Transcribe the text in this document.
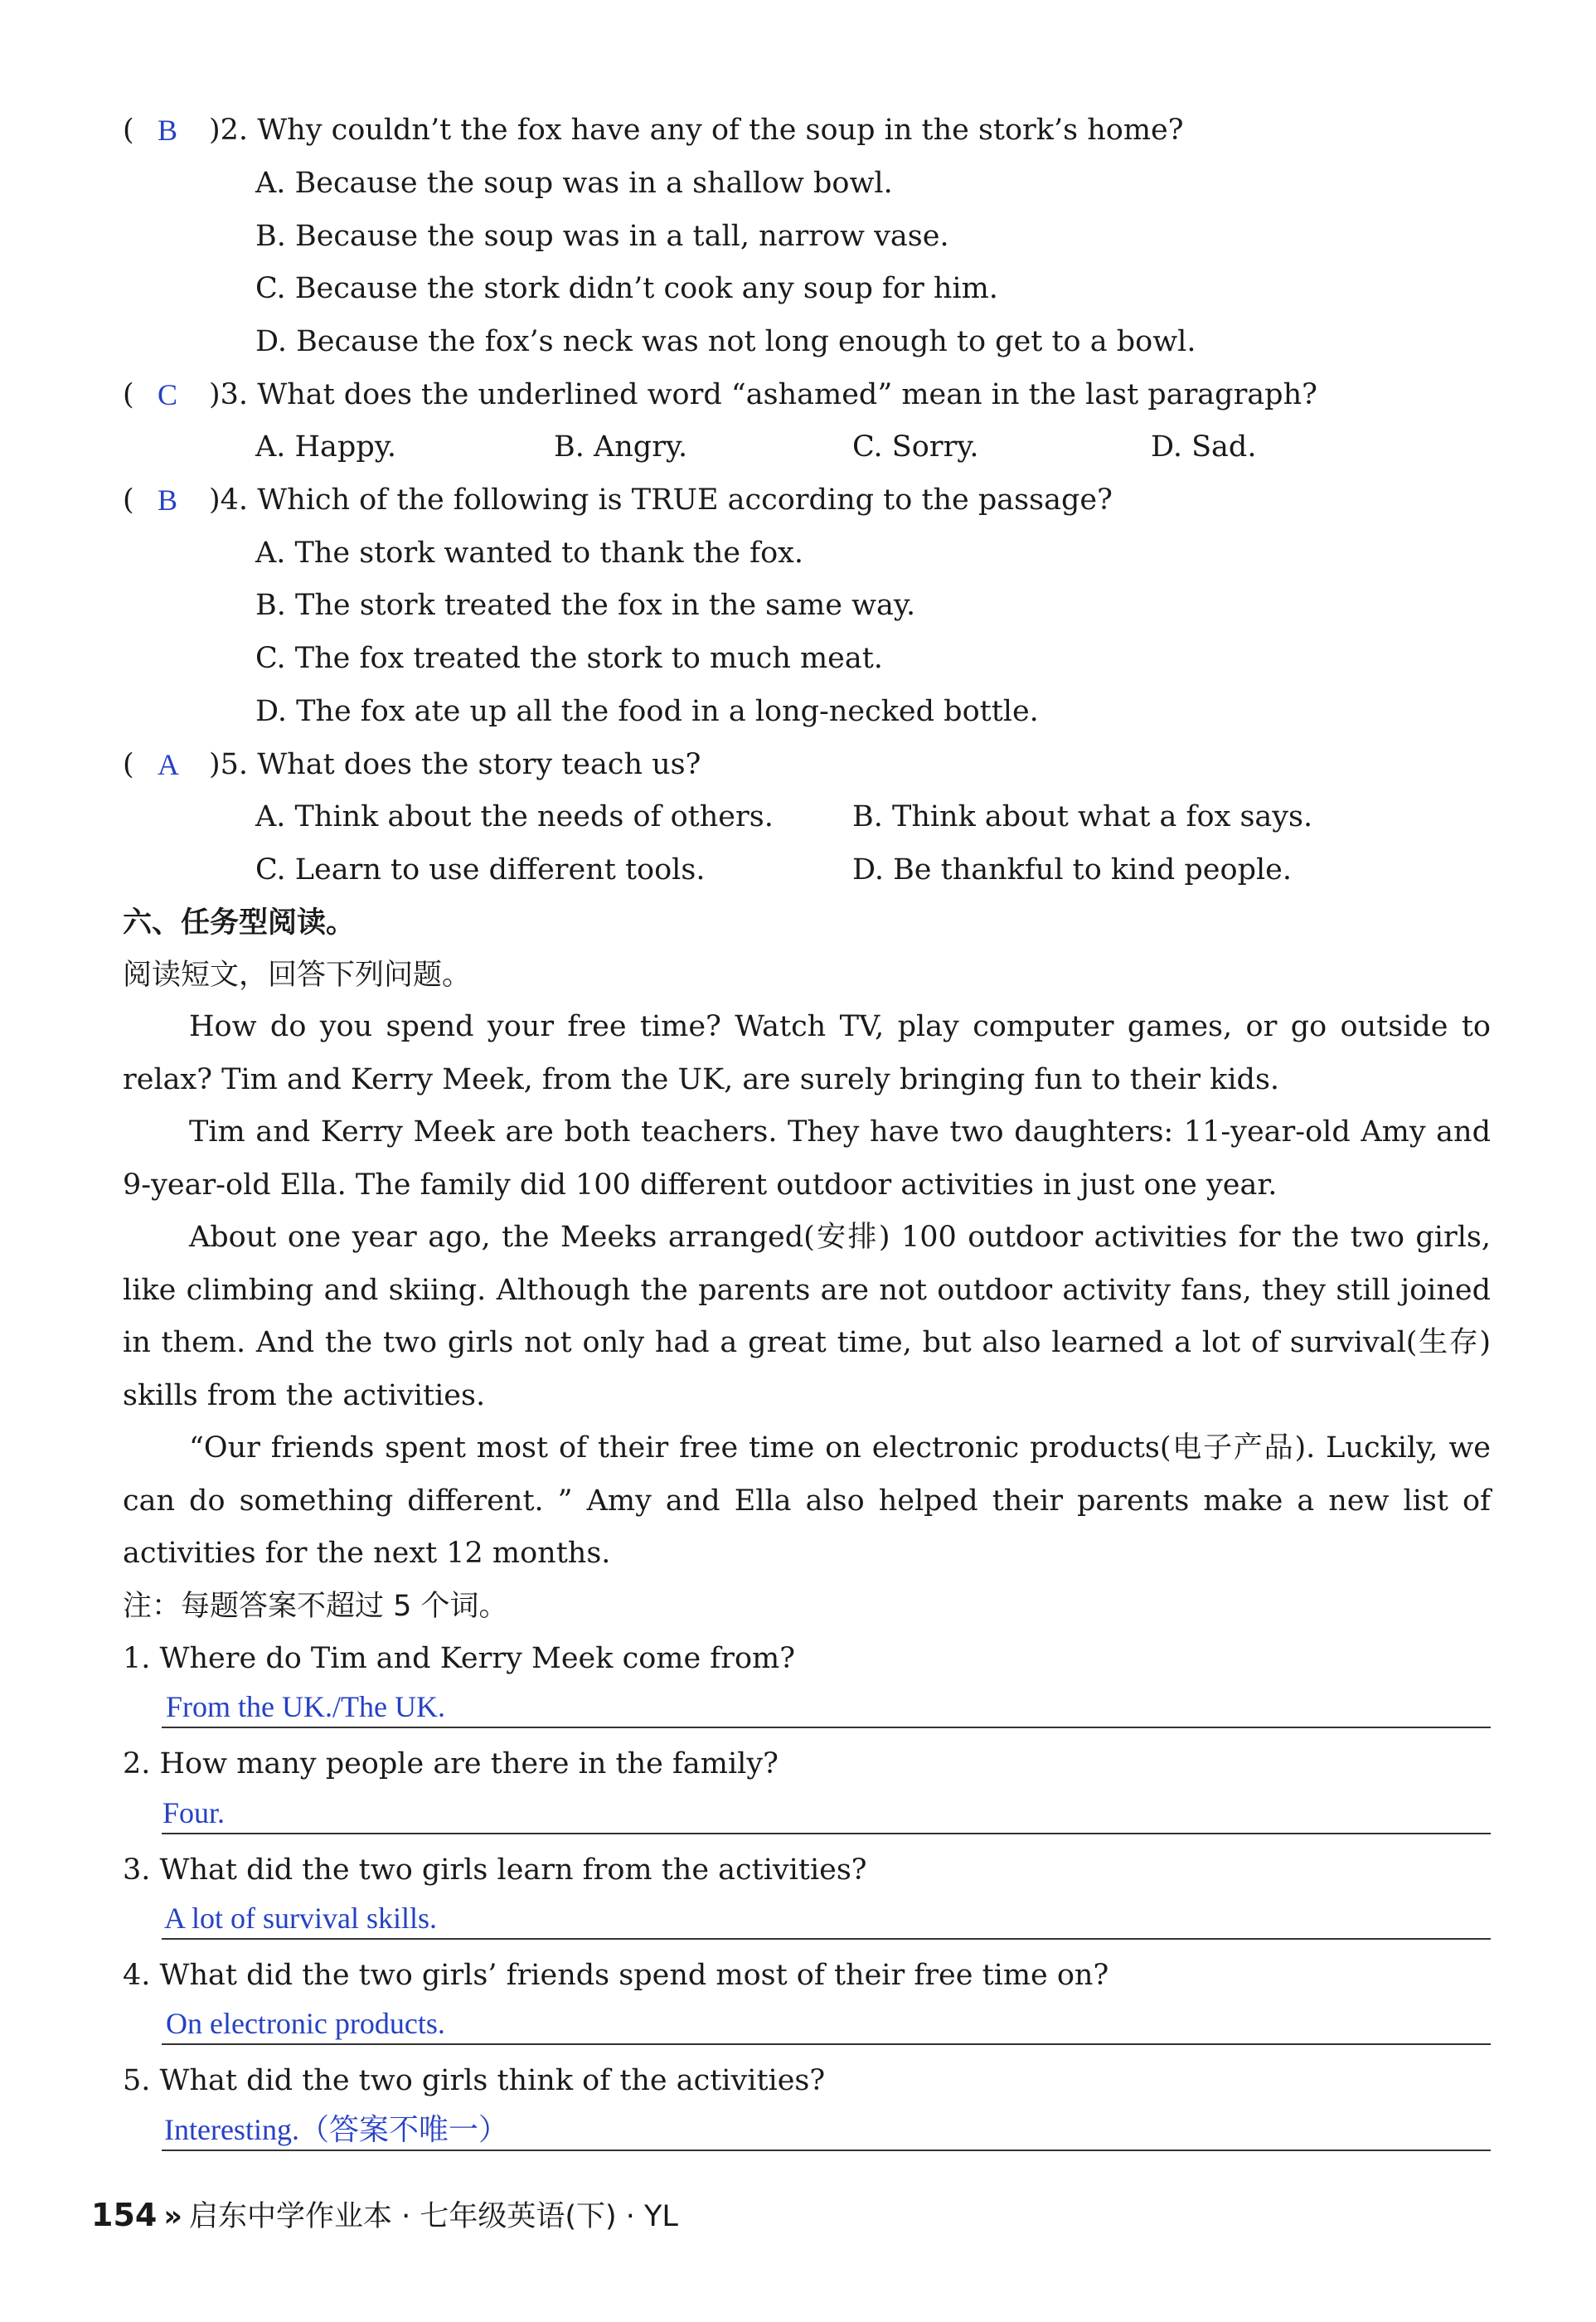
( B )2. Why couldn’t the fox have any of the soup in the stork’s home?
A. Because the soup was in a shallow bowl.
B. Because the soup was in a tall, narrow vase.
C. Because the stork didn’t cook any soup for him.
D. Because the fox’s neck was not long enough to get to a bowl.
( C )3. What does the underlined word “ashamed” mean in the last paragraph?
A. Happy.	B. Angry.	C. Sorry.	D. Sad.
( B )4. Which of the following is TRUE according to the passage?
A. The stork wanted to thank the fox.
B. The stork treated the fox in the same way.
C. The fox treated the stork to much meat.
D. The fox ate up all the food in a long-necked bottle.
( A )5. What does the story teach us?
A. Think about the needs of others.	B. Think about what a fox says.
C. Learn to use different tools.	D. Be thankful to kind people.
六、任务型阅读。
阅读短文，回答下列问题。
How do you spend your free time? Watch TV, play computer games, or go outside to relax? Tim and Kerry Meek, from the UK, are surely bringing fun to their kids.
Tim and Kerry Meek are both teachers. They have two daughters: 11-year-old Amy and 9-year-old Ella. The family did 100 different outdoor activities in just one year.
About one year ago, the Meeks arranged(安排) 100 outdoor activities for the two girls, like climbing and skiing. Although the parents are not outdoor activity fans, they still joined in them. And the two girls not only had a great time, but also learned a lot of survival(生存) skills from the activities.
“Our friends spent most of their free time on electronic products(电子产品). Luckily, we can do something different. ” Amy and Ella also helped their parents make a new list of activities for the next 12 months.
注：每题答案不超过 5 个词。
1. Where do Tim and Kerry Meek come from?
From the UK./The UK.
2. How many people are there in the family?
Four.
3. What did the two girls learn from the activities?
A lot of survival skills.
4. What did the two girls’ friends spend most of their free time on?
On electronic products.
5. What did the two girls think of the activities?
Interesting.（答案不唯一）
154 » 启东中学作业本 · 七年级英语(下) · YL
